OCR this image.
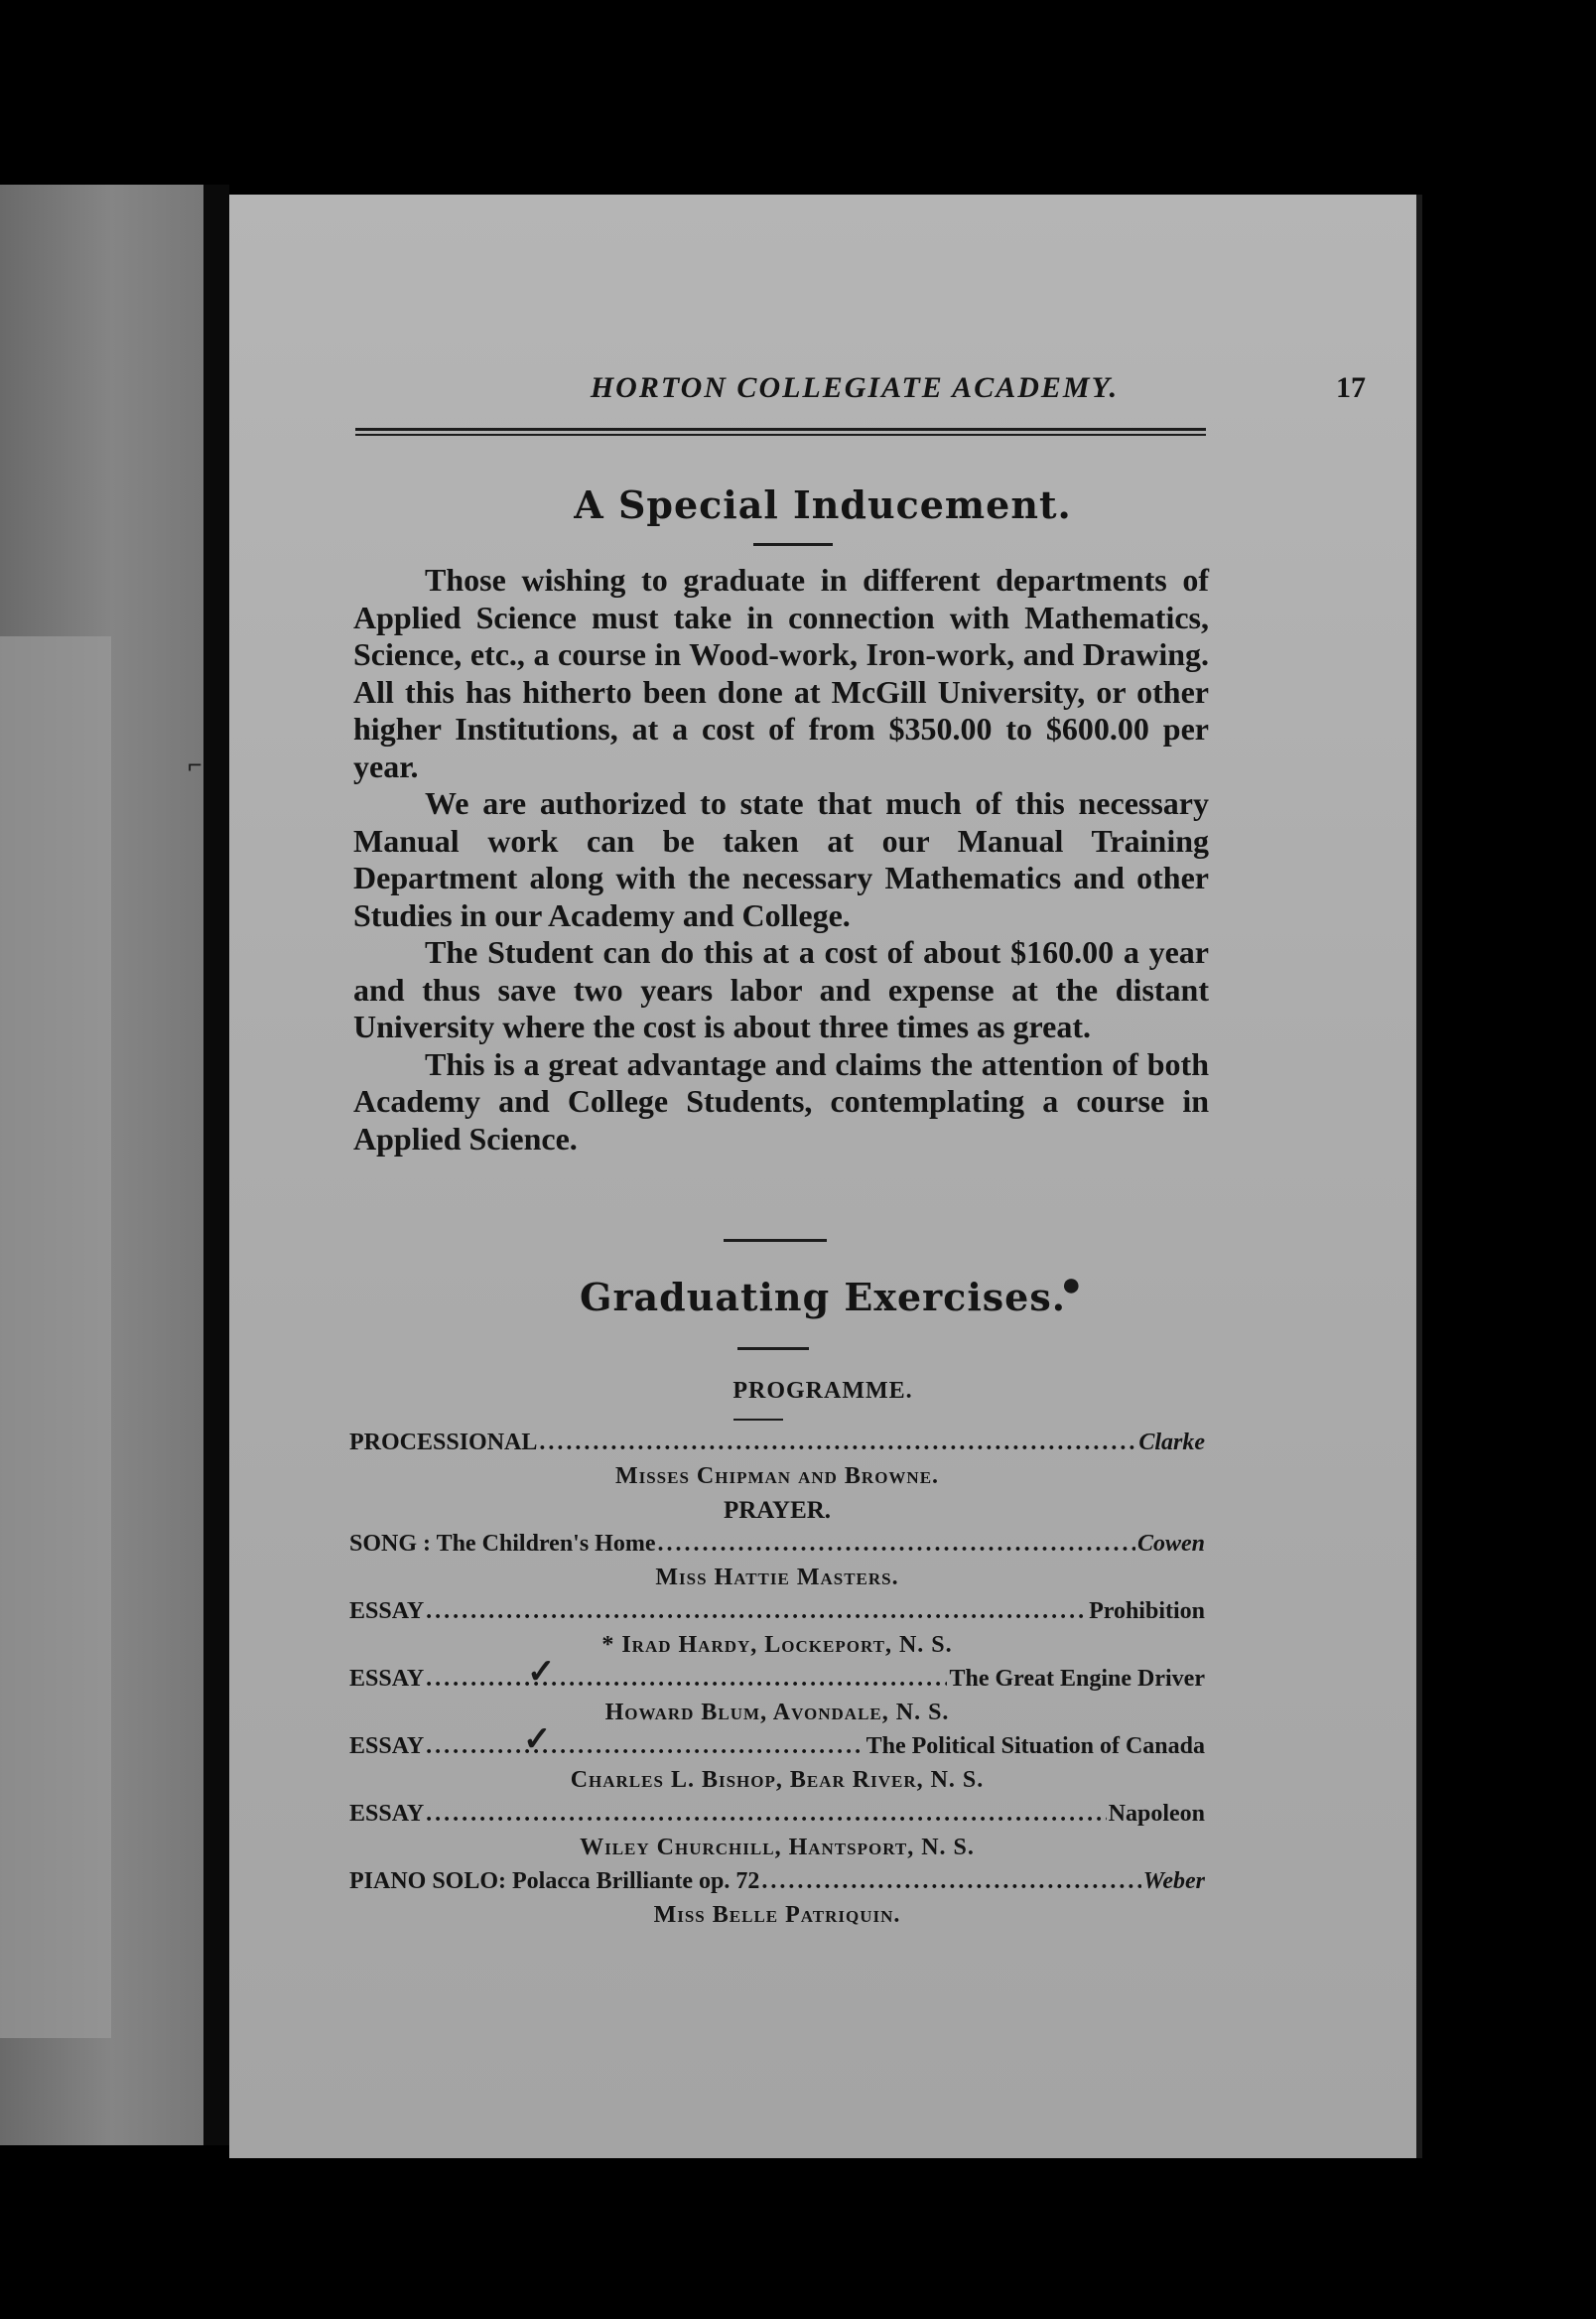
HORTON COLLEGIATE ACADEMY.	17
A Special Inducement.

Those wishing to graduate in different departments of Applied Science must take in connection with Mathematics, Science, etc., a course in Wood-work, Iron-work, and Drawing. All this has hitherto been done at McGill University, or other higher Institutions, at a cost of from $350.00 to $600.00 per year.

We are authorized to state that much of this necessary Manual work can be taken at our Manual Training Department along with the necessary Mathematics and other Studies in our Academy and College.

The Student can do this at a cost of about $160.00 a year and thus save two years labor and expense at the distant University where the cost is about three times as great.

This is a great advantage and claims the attention of both Academy and College Students, contemplating a course in Applied Science.

Graduating Exercises.
PROGRAMME.
PROCESSIONAL .....	Clarke
Misses Chipman and Browne.
PRAYER.
SONG : The Children's Home .....	Cowen
Miss Hattie Masters.
ESSAY .....	Prohibition
* Irad Hardy, Lockeport, N. S.
ESSAY .....	The Great Engine Driver
Howard Blum, Avondale, N. S.
ESSAY .....	The Political Situation of Canada
Charles L. Bishop, Bear River, N. S.
ESSAY .....	Napoleon
Wiley Churchill, Hantsport, N. S.
PIANO SOLO: Polacca Brilliante op. 72 .....	Weber
Miss Belle Patriquin.
⌐
✓
✓
●
